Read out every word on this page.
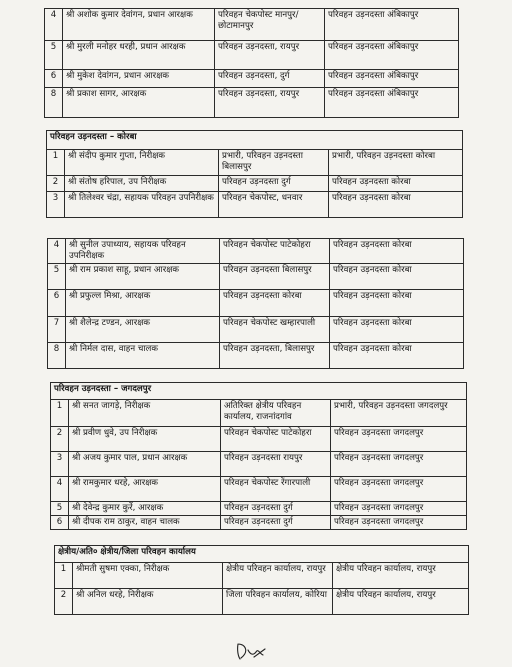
4	श्री अशोक कुमार देवांगन, प्रधान आरक्षक	परिवहन चेकपोस्ट मानपुर/छोटामानपुर	परिवहन उड़नदस्ता अंबिकापुर
5	श्री मुरली मनोहर धरही, प्रधान आरक्षक	परिवहन उड़नदस्ता, रायपुर	परिवहन उड़नदस्ता अंबिकापुर
6	श्री मुकेश देवांगन, प्रधान आरक्षक	परिवहन उड़नदस्ता, दुर्ग	परिवहन उड़नदस्ता अंबिकापुर
8	श्री प्रकाश सागर, आरक्षक	परिवहन उड़नदस्ता, रायपुर	परिवहन उड़नदस्ता अंबिकापुर
परिवहन उड़नदस्ता – कोरबा			
1	श्री संदीप कुमार गुप्ता, निरीक्षक	प्रभारी, परिवहन उड़नदस्ता बिलासपुर	प्रभारी, परिवहन उड़नदस्ता कोरबा
2	श्री संतोष हरिपाल, उप निरीक्षक	परिवहन उड़नदस्ता दुर्ग	परिवहन उड़नदस्ता कोरबा
3	श्री तिलेश्वर चंद्रा, सहायक परिवहन उपनिरीक्षक	परिवहन चेकपोस्ट, धनवार	परिवहन उड़नदस्ता कोरबा
4	श्री सुनील उपाध्याय, सहायक परिवहन उपनिरीक्षक	परिवहन चेकपोस्ट पाटेकोहरा	परिवहन उड़नदस्ता कोरबा
5	श्री राम प्रकाश साहू, प्रधान आरक्षक	परिवहन उड़नदस्ता बिलासपुर	परिवहन उड़नदस्ता कोरबा
6	श्री प्रफुल्ल मिश्रा, आरक्षक	परिवहन उड़नदस्ता कोरबा	परिवहन उड़नदस्ता कोरबा
7	श्री शैलेन्द्र टण्डन, आरक्षक	परिवहन चेकपोस्ट खम्हारपाली	परिवहन उड़नदस्ता कोरबा
8	श्री निर्मल दास, वाहन चालक	परिवहन उड़नदस्ता, बिलासपुर	परिवहन उड़नदस्ता कोरबा
परिवहन उड़नदस्ता – जगदलपुर			
1	श्री सनत जागड़े, निरीक्षक	अतिरिक्त क्षेत्रीय परिवहन कार्यालय, राजनांदगांव	प्रभारी, परिवहन उड़नदस्ता जगदलपुर
2	श्री प्रवीण धुवे, उप निरीक्षक	परिवहन चेकपोस्ट पाटेकोहरा	परिवहन उड़नदस्ता जगदलपुर
3	श्री अजय कुमार पाल, प्रधान आरक्षक	परिवहन उड़नदस्ता रायपुर	परिवहन उड़नदस्ता जगदलपुर
4	श्री रामकुमार धरहे, आरक्षक	परिवहन चेकपोस्ट रेंगारपाली	परिवहन उड़नदस्ता जगदलपुर
5	श्री देवेन्द्र कुमार कुर्रे, आरक्षक	परिवहन उड़नदस्ता दुर्ग	परिवहन उड़नदस्ता जगदलपुर
6	श्री दीपक राम ठाकुर, वाहन चालक	परिवहन उड़नदस्ता दुर्ग	परिवहन उड़नदस्ता जगदलपुर
क्षेत्रीय/अति० क्षेत्रीय/जिला परिवहन कार्यालय			
1	श्रीमती सुषमा एक्का, निरीक्षक	क्षेत्रीय परिवहन कार्यालय, रायपुर	क्षेत्रीय परिवहन कार्यालय, रायपुर
2	श्री अनिल धरहे, निरीक्षक	जिला परिवहन कार्यालय, कोरिया	क्षेत्रीय परिवहन कार्यालय, रायपुर
